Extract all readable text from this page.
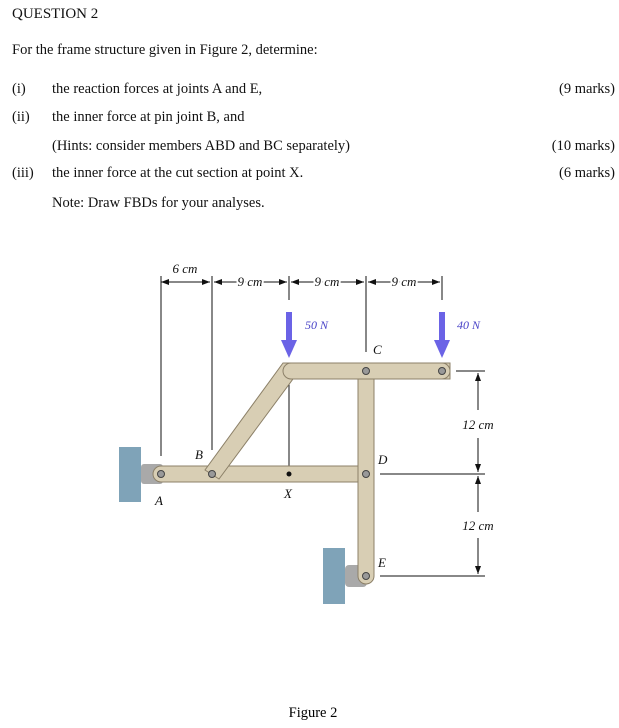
QUESTION 2
For the frame structure given in Figure 2, determine:
(i) the reaction forces at joints A and E,	(9 marks)
(ii) the inner force at pin joint B, and
(Hints: consider members ABD and BC separately)	(10 marks)
(iii) the inner force at the cut section at point X.	(6 marks)
Note: Draw FBDs for your analyses.
6 cm
9 cm	9 cm	9 cm
12 cm
12 cm
50 N	40 N
A
B
C
D
E
X
Figure 2
